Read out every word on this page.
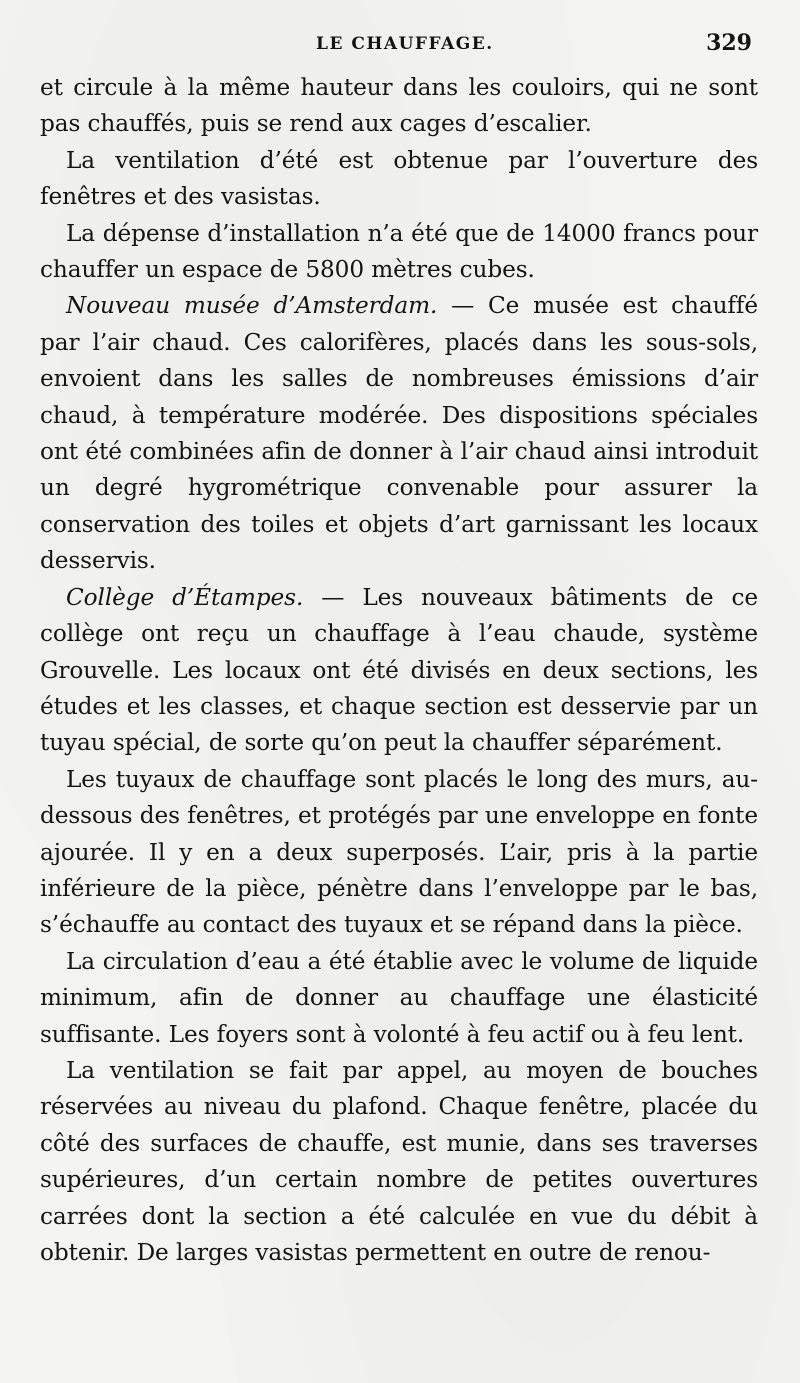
LE CHAUFFAGE.	329

et circule à la même hauteur dans les couloirs, qui ne sont pas chauffés, puis se rend aux cages d’escalier.

La ventilation d’été est obtenue par l’ouverture des fenêtres et des vasistas.

La dépense d’installation n’a été que de 14000 francs pour chauffer un espace de 5800 mètres cubes.

Nouveau musée d’Amsterdam. — Ce musée est chauffé par l’air chaud. Ces calorifères, placés dans les sous-sols, envoient dans les salles de nombreuses émissions d’air chaud, à température modérée. Des dispositions spéciales ont été combinées afin de donner à l’air chaud ainsi introduit un degré hygrométrique convenable pour assurer la conservation des toiles et objets d’art garnissant les locaux desservis.

Collège d’Étampes. — Les nouveaux bâtiments de ce collège ont reçu un chauffage à l’eau chaude, système Grouvelle. Les locaux ont été divisés en deux sections, les études et les classes, et chaque section est desservie par un tuyau spécial, de sorte qu’on peut la chauffer séparément.

Les tuyaux de chauffage sont placés le long des murs, au-dessous des fenêtres, et protégés par une enveloppe en fonte ajourée. Il y en a deux superposés. L’air, pris à la partie inférieure de la pièce, pénètre dans l’enveloppe par le bas, s’échauffe au contact des tuyaux et se répand dans la pièce.

La circulation d’eau a été établie avec le volume de liquide minimum, afin de donner au chauffage une élasticité suffisante. Les foyers sont à volonté à feu actif ou à feu lent.

La ventilation se fait par appel, au moyen de bouches réservées au niveau du plafond. Chaque fenêtre, placée du côté des surfaces de chauffe, est munie, dans ses traverses supérieures, d’un certain nombre de petites ouvertures carrées dont la section a été calculée en vue du débit à obtenir. De larges vasistas permettent en outre de renou-
